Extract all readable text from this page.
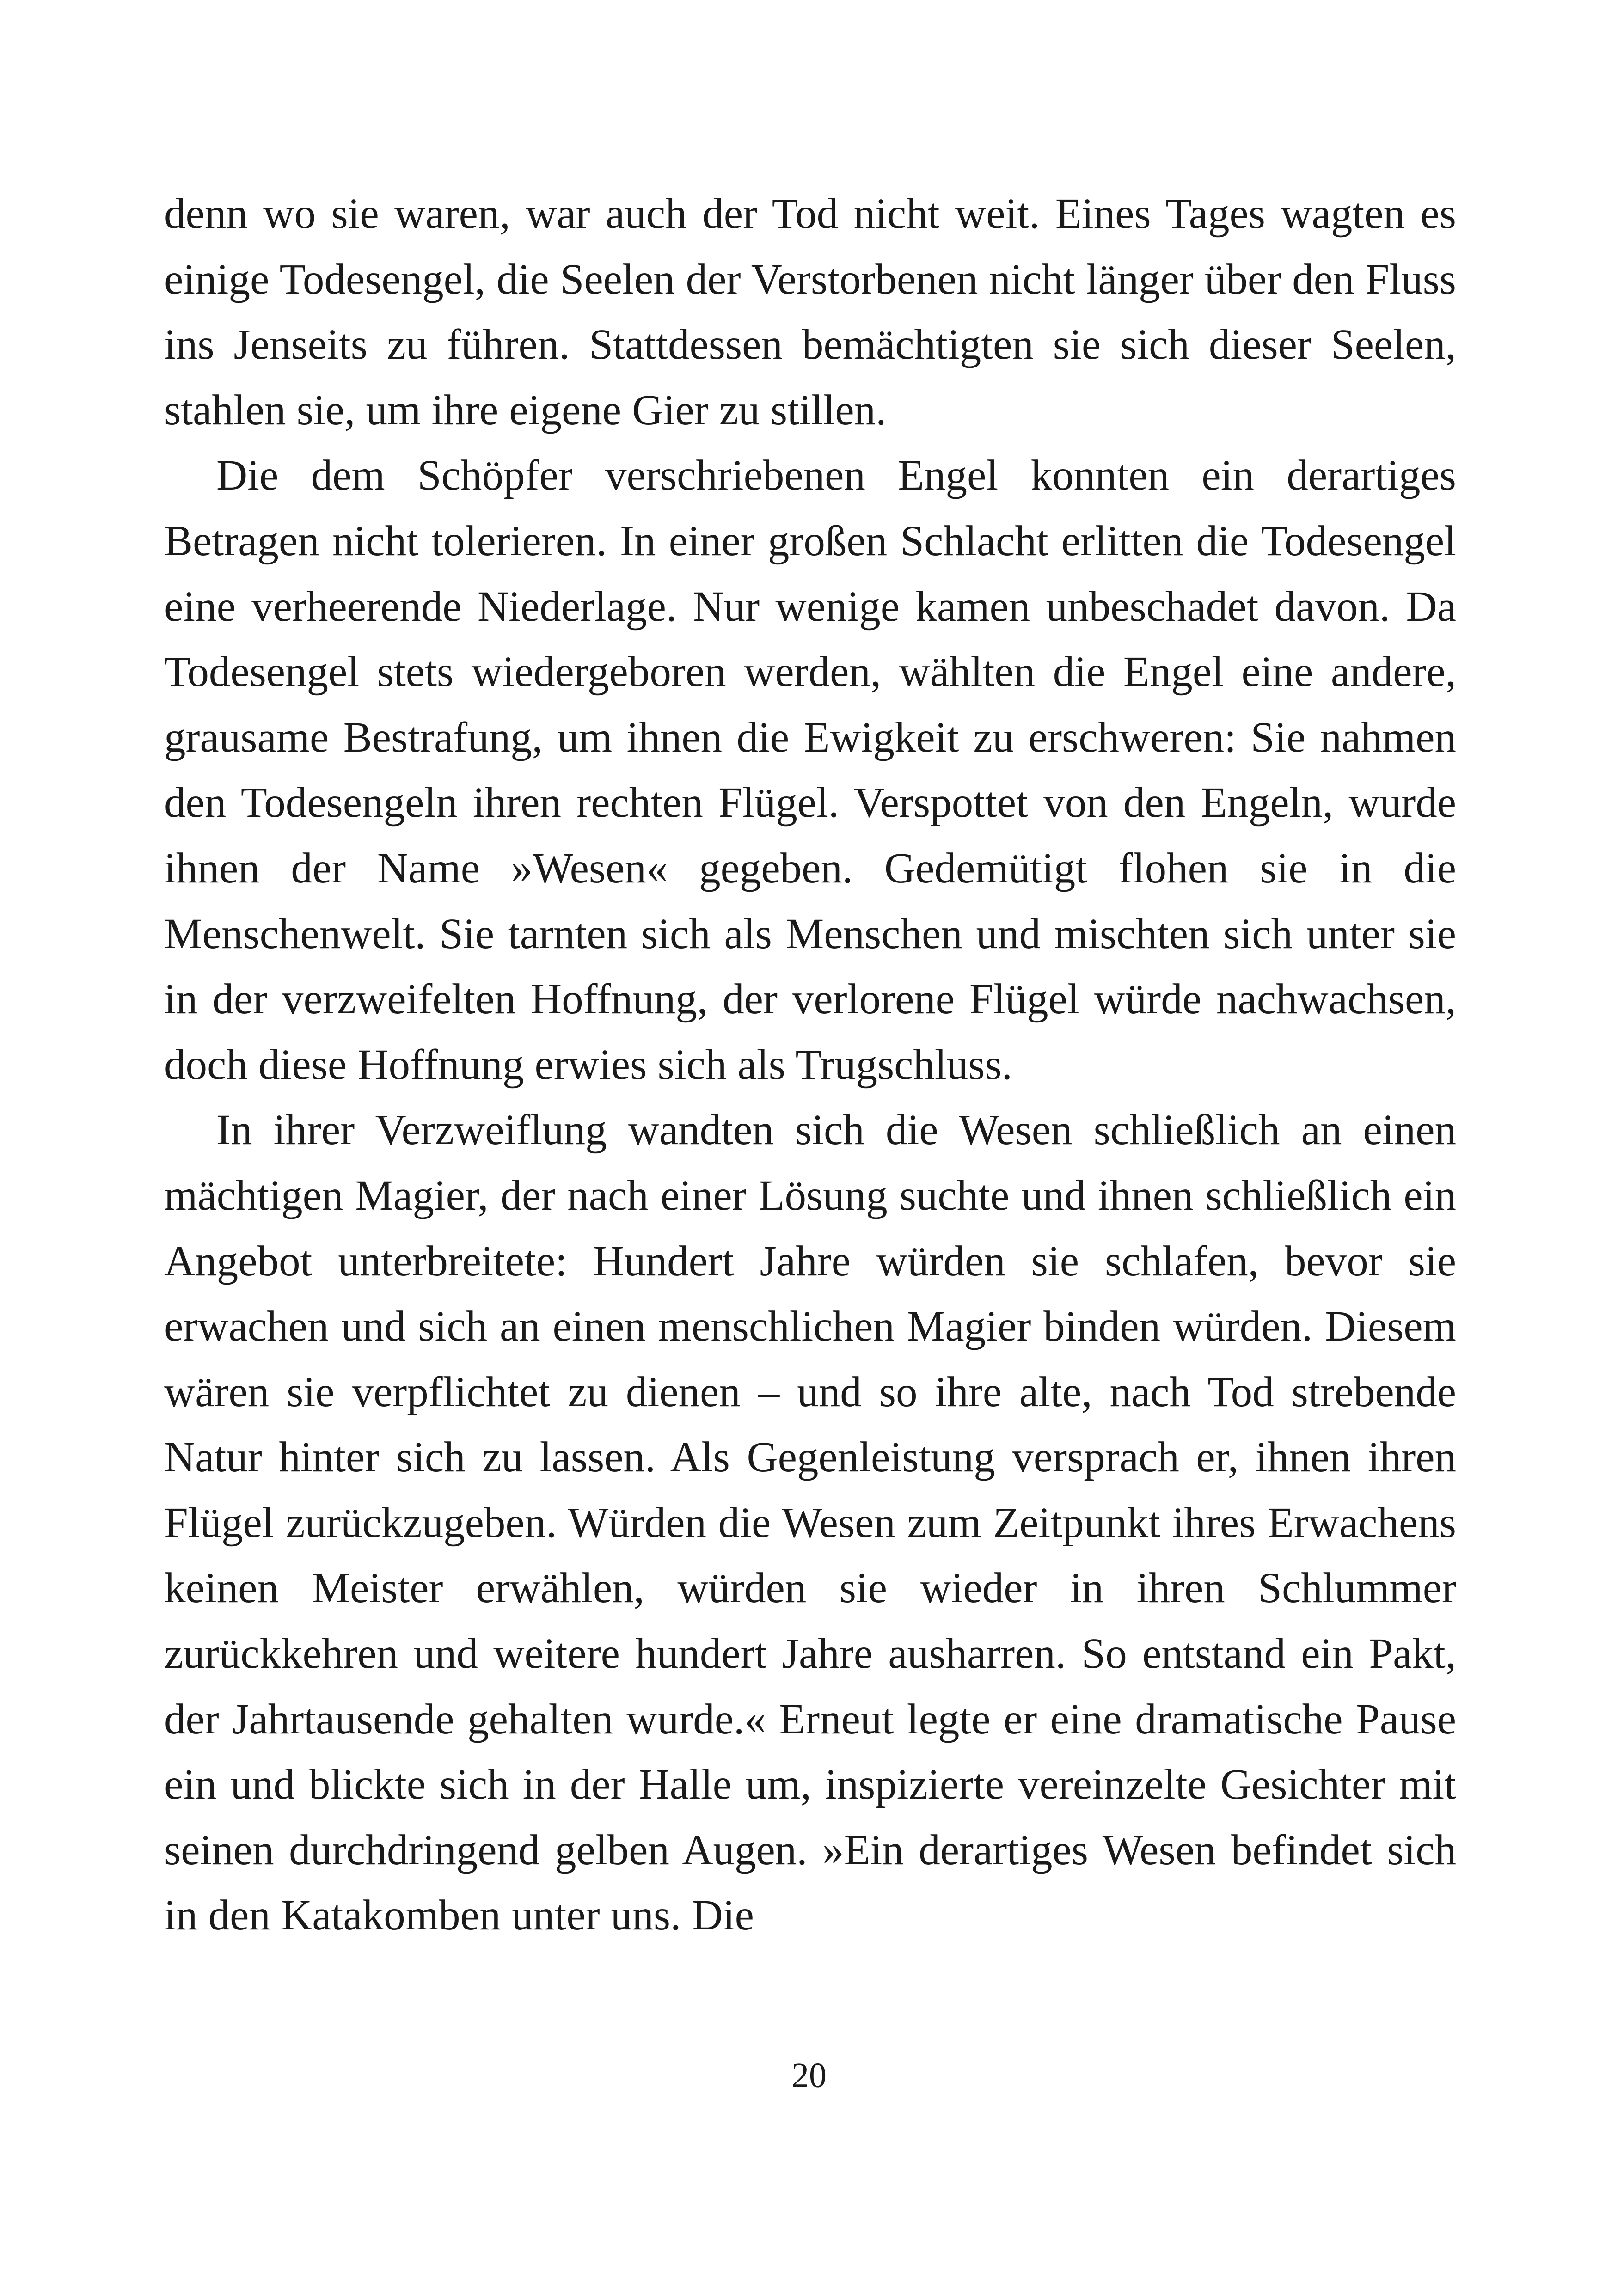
denn wo sie waren, war auch der Tod nicht weit. Eines Tages wagten es einige Todesengel, die Seelen der Verstorbenen nicht länger über den Fluss ins Jenseits zu führen. Stattdessen bemächtigten sie sich dieser Seelen, stahlen sie, um ihre eigene Gier zu stillen.

Die dem Schöpfer verschriebenen Engel konnten ein derartiges Betragen nicht tolerieren. In einer großen Schlacht erlitten die Todesengel eine verheerende Niederlage. Nur wenige kamen unbeschadet davon. Da Todesengel stets wiedergeboren werden, wählten die Engel eine andere, grausame Bestrafung, um ihnen die Ewigkeit zu erschweren: Sie nahmen den Todesengeln ihren rechten Flügel. Verspottet von den Engeln, wurde ihnen der Name »Wesen« gegeben. Gedemütigt flohen sie in die Menschenwelt. Sie tarnten sich als Menschen und mischten sich unter sie in der verzweifelten Hoffnung, der verlorene Flügel würde nachwachsen, doch diese Hoffnung erwies sich als Trugschluss.

In ihrer Verzweiflung wandten sich die Wesen schließlich an einen mächtigen Magier, der nach einer Lösung suchte und ihnen schließlich ein Angebot unterbreitete: Hundert Jahre würden sie schlafen, bevor sie erwachen und sich an einen menschlichen Magier binden würden. Diesem wären sie verpflichtet zu dienen – und so ihre alte, nach Tod strebende Natur hinter sich zu lassen. Als Gegenleistung versprach er, ihnen ihren Flügel zurückzugeben. Würden die Wesen zum Zeitpunkt ihres Erwachens keinen Meister erwählen, würden sie wieder in ihren Schlummer zurückkehren und weitere hundert Jahre ausharren. So entstand ein Pakt, der Jahrtausende gehalten wurde.« Erneut legte er eine dramatische Pause ein und blickte sich in der Halle um, inspizierte vereinzelte Gesichter mit seinen durchdringend gelben Augen. »Ein derartiges Wesen befindet sich in den Katakomben unter uns. Die

20
